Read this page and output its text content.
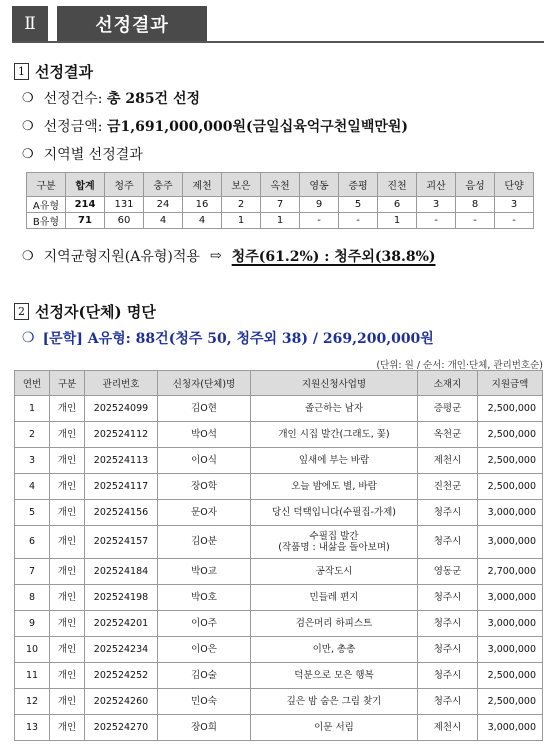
Ⅱ	선정결과
1 선정결과
❍ 선정건수:
총 285건 선정
❍ 선정금액:
금1,691,000,000원(금일십육억구천일백만원)
❍ 지역별 선정결과
구분	합계	청주	충주	제천	보은	옥천	영동	증평	진천	괴산	음성	단양
A유형	214	131	24	16	2	7	9	5	6	3	8	3
B유형	71	60	4	4	1	1	-	-	1	-	-	-
❍ 지역균형지원(A유형)적용 ⇨ 청주(61.2%) : 청주외(38.8%)
2 선정자(단체) 명단
❍ [문학] A유형: 88건(청주 50, 청주외 38) / 269,200,000원
(단위: 원 / 순서: 개인·단체, 관리번호순)
연번	구분	관리번호	신청자(단체)명	지원신청사업명	소재지	지원금액
1	개인	202524099	김O현	졸근하는 남자	증평군	2,500,000
2	개인	202524112	박O석	개인 시집 발간(그래도, 꽃)	옥천군	2,500,000
3	개인	202524113	이O식	잎새에 부는 바람	제천시	2,500,000
4	개인	202524117	장O학	오늘 밤에도 별, 바람	진천군	2,500,000
5	개인	202524156	문O자	당신 덕택입니다(수필집-가제)	청주시	3,000,000
6	개인	202524157	김O분	수필집 발간
(작품명 : 내삶을 돌아보며)	청주시	3,000,000
7	개인	202524184	박O교	공작도시	영동군	2,700,000
8	개인	202524198	박O호	민들레 편지	청주시	3,000,000
9	개인	202524201	이O주	검은머리 하피스트	청주시	3,000,000
10	개인	202524234	이O은	이만, 총총	청주시	3,000,000
11	개인	202524252	김O술	덕분으로 모은 행복	청주시	2,500,000
12	개인	202524260	민O숙	깊은 밤 숨은 그림 찾기	청주시	2,500,000
13	개인	202524270	장O희	이문 서림	제천시	3,000,000
